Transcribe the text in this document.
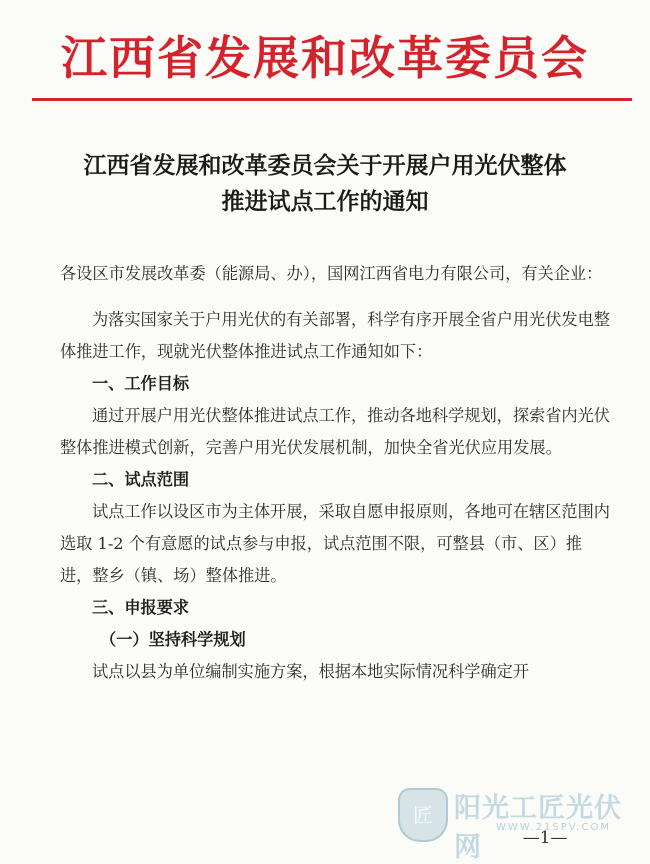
江西省发展和改革委员会
江西省发展和改革委员会关于开展户用光伏整体
推进试点工作的通知

各设区市发展改革委（能源局、办），国网江西省电力有限公司，有关企业：

为落实国家关于户用光伏的有关部署，科学有序开展全省户用光伏发电整体推进工作，现就光伏整体推进试点工作通知如下：

一、工作目标

通过开展户用光伏整体推进试点工作，推动各地科学规划，探索省内光伏整体推进模式创新，完善户用光伏发展机制，加快全省光伏应用发展。

二、试点范围

试点工作以设区市为主体开展，采取自愿申报原则，各地可在辖区范围内选取 1-2 个有意愿的试点参与申报，试点范围不限，可整县（市、区）推进，整乡（镇、场）整体推进。

三、申报要求

（一）坚持科学规划

试点以县为单位编制实施方案，根据本地实际情况科学确定开

匠 阳光工匠光伏网
WWW.21SPV.COM
—1—
